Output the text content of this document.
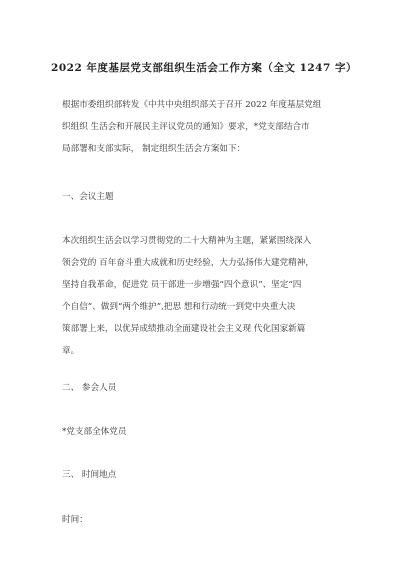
2022 年度基层党支部组织生活会工作方案（全文 1247 字）
根据市委组织部转发《中共中央组织部关于召开 2022 年度基层党组
织组织 生活会和开展民主评议党员的通知》要求，*党支部结合市
局部署和支部实际， 制定组织生活会方案如下：
一、会议主题
本次组织生活会以学习贯彻党的二十大精神为主题，紧紧围绕深入
领会党的 百年奋斗重大成就和历史经验，大力弘扬伟大建党精神，
坚持自我革命，促进党 员干部进一步增强“四个意识”、坚定“四
个自信”、做到“两个维护”,把思 想和行动统一到党中央重大决
策部署上来，以优异成绩推动全面建设社会主义现 代化国家新篇
章。
二、 参会人员
*党支部全体党员
三、 时间地点
时间：
